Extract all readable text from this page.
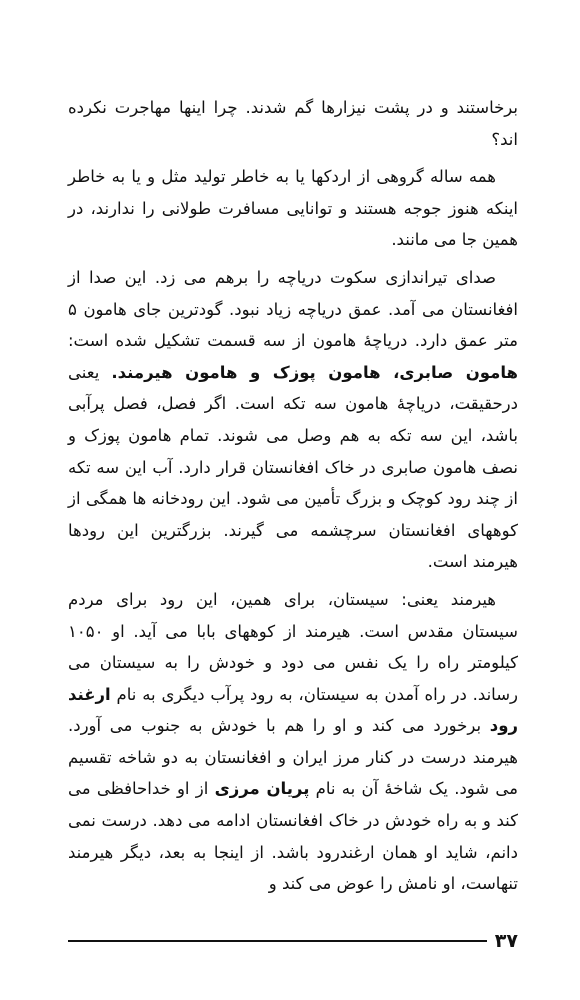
برخاستند و در پشت نیزارها گم شدند. چرا اینها مهاجرت نکرده اند؟

همه ساله گروهی از اردکها یا به خاطر تولید مثل و یا به خاطر اینکه هنوز جوجه هستند و توانایی مسافرت طولانی را ندارند، در همین جا می مانند.

صدای تیراندازی سکوت دریاچه را برهم می زد. این صدا از افغانستان می آمد. عمق دریاچه زیاد نبود. گودترین جای هامون ۵ متر عمق دارد. دریاچهٔ هامون از سه قسمت تشکیل شده است: هامون صابری، هامون پوزک و هامون هیرمند. یعنی درحقیقت، دریاچهٔ هامون سه تکه است. اگر فصل، فصل پرآبی باشد، این سه تکه به هم وصل می شوند. تمام هامون پوزک و نصف هامون صابری در خاک افغانستان قرار دارد. آب این سه تکه از چند رود کوچک و بزرگ تأمین می شود. این رودخانه ها همگی از کوههای افغانستان سرچشمه می گیرند. بزرگترین این رودها هیرمند است.

هیرمند یعنی: سیستان، برای همین، این رود برای مردم سیستان مقدس است. هیرمند از کوههای بابا می آید. او ۱۰۵۰ کیلومتر راه را یک نفس می دود و خودش را به سیستان می رساند. در راه آمدن به سیستان، به رود پرآب دیگری به نام ارغند رود برخورد می کند و او را هم با خودش به جنوب می آورد. هیرمند درست در کنار مرز ایران و افغانستان به دو شاخه تقسیم می شود. یک شاخهٔ آن به نام پریان مرزی از او خداحافظی می کند و به راه خودش در خاک افغانستان ادامه می دهد. درست نمی دانم، شاید او همان ارغندرود باشد. از اینجا به بعد، دیگر هیرمند تنهاست، او نامش را عوض می کند و

۳۷
